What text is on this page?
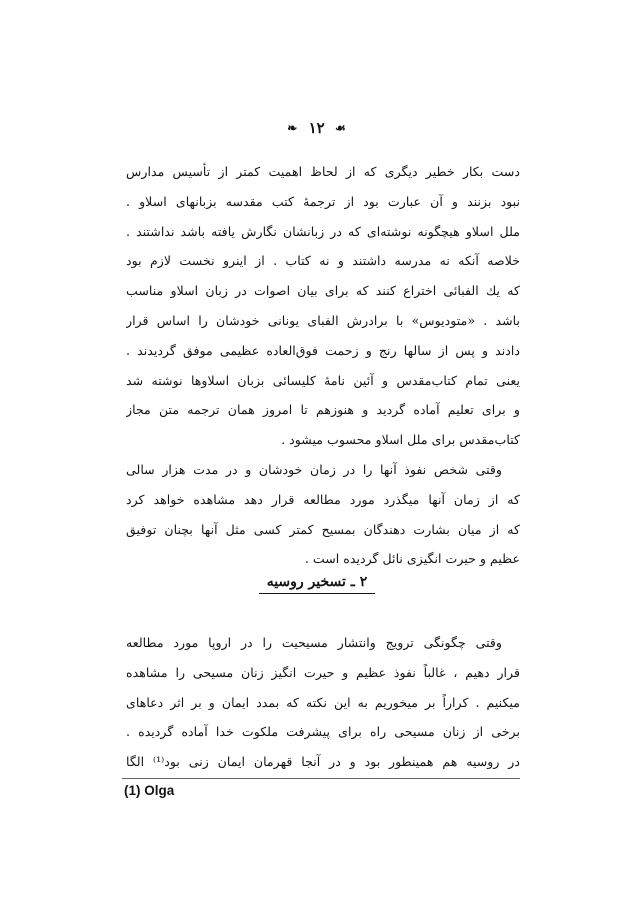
❧ ۱۲ ☙
دست بکار خطیر دیگری که از لحاظ اهمیت کمتر از تأسیس مدارس
نبود بزنند و آن عبارت بود از ترجمهٔ کتب مقدسه بزبانهای اسلاو .
ملل اسلاو هیچگونه نوشته‌ای که در زبانشان نگارش یافته باشد نداشتند .
خلاصه آنکه نه مدرسه داشتند و نه کتاب . از اینرو نخست لازم بود
که یك الفبائی اختراع کنند که برای بیان اصوات در زبان اسلاو مناسب
باشد . «متودیوس» با برادرش الفبای یونانی خودشان را اساس قرار
دادند و پس از سالها رنج و زحمت فوق‌العاده عظیمی موفق گردیدند .
یعنی تمام کتاب‌مقدس و آئین نامهٔ کلیسائی بزبان اسلاوها نوشته شد
و برای تعلیم آماده گردید و هنوزهم تا امروز همان ترجمه متن مجاز
کتاب‌مقدس برای ملل اسلاو محسوب میشود .
وقتی شخص نفوذ آنها را در زمان خودشان و در مدت هزار سالی
که از زمان آنها میگذرد مورد مطالعه قرار دهد مشاهده خواهد کرد
که از میان بشارت دهندگان بمسیح کمتر کسی مثل آنها بچنان توفیق
عظیم و حیرت انگیزی نائل گردیده است .
۲ ـ تسخیر روسیه
وقتی چگونگی ترویج وانتشار مسیحیت را در اروپا مورد مطالعه
قرار دهیم ، غالباً نفوذ عظیم و حیرت انگیز زنان مسیحی را مشاهده
میکنیم . کراراً بر میخوریم به این نکته که بمدد ایمان و بر اثر دعاهای
برخی از زنان مسیحی راه برای پیشرفت ملکوت خدا آماده گردیده .
در روسیه هم همینطور بود و در آنجا قهرمان ایمان زنی بود⁽¹⁾ الگا
(1) Olga
